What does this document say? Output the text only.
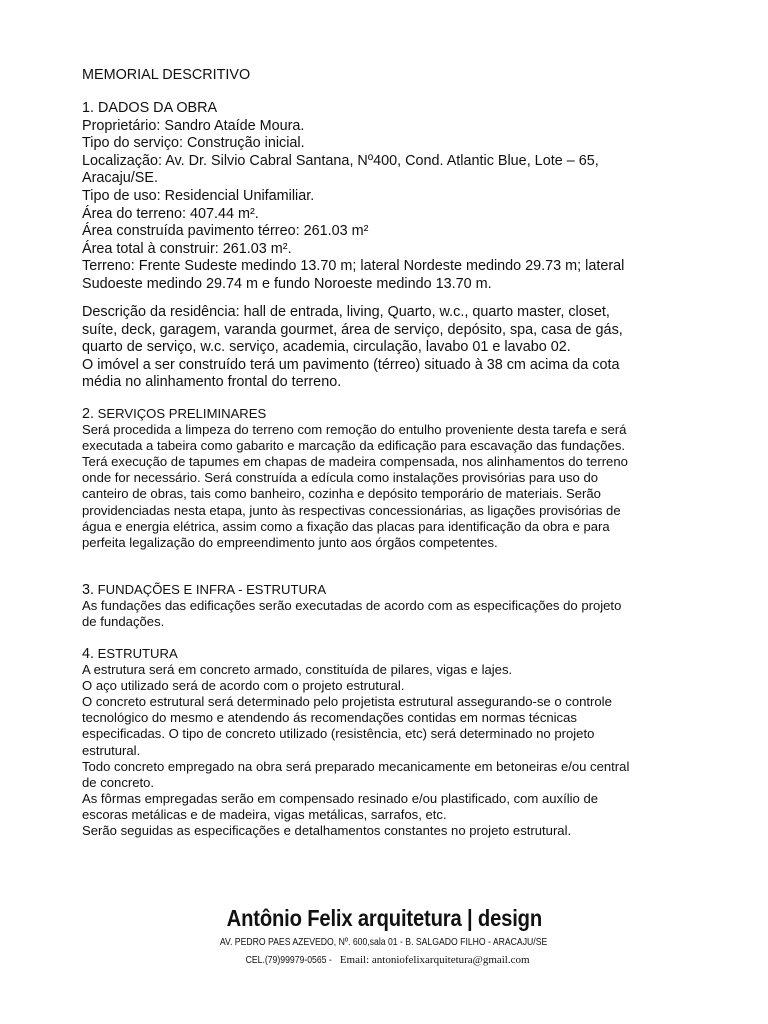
MEMORIAL DESCRITIVO

1. DADOS DA OBRA

Proprietário: Sandro Ataíde Moura.
Tipo do serviço: Construção inicial.
Localização: Av. Dr. Silvio Cabral Santana, Nº400, Cond. Atlantic Blue, Lote – 65,
Aracaju/SE.
Tipo de uso: Residencial Unifamiliar.
Área do terreno: 407.44 m².
Área construída pavimento térreo: 261.03 m²
Área total à construir: 261.03 m².
Terreno: Frente Sudeste medindo 13.70 m; lateral Nordeste medindo 29.73 m; lateral
Sudoeste medindo 29.74 m e fundo Noroeste medindo 13.70 m.

Descrição da residência: hall de entrada, living, Quarto, w.c., quarto master, closet,
suíte, deck, garagem, varanda gourmet, área de serviço, depósito, spa, casa de gás,
quarto de serviço, w.c. serviço, academia, circulação, lavabo 01 e lavabo 02.
O imóvel a ser construído terá um pavimento (térreo) situado à 38 cm acima da cota
média no alinhamento frontal do terreno.

2. SERVIÇOS PRELIMINARES

Será procedida a limpeza do terreno com remoção do entulho proveniente desta tarefa e será
executada a tabeira como gabarito e marcação da edificação para escavação das fundações.
Terá execução de tapumes em chapas de madeira compensada, nos alinhamentos do terreno
onde for necessário. Será construída a edícula como instalações provisórias para uso do
canteiro de obras, tais como banheiro, cozinha e depósito temporário de materiais. Serão
providenciadas nesta etapa, junto às respectivas concessionárias, as ligações provisórias de
água e energia elétrica, assim como a fixação das placas para identificação da obra e para
perfeita legalização do empreendimento junto aos órgãos competentes.

3. FUNDAÇÕES E INFRA - ESTRUTURA

As fundações das edificações serão executadas de acordo com as especificações do projeto
de fundações.

4. ESTRUTURA

A estrutura será em concreto armado, constituída de pilares, vigas e lajes.
O aço utilizado será de acordo com o projeto estrutural.
O concreto estrutural será determinado pelo projetista estrutural assegurando-se o controle
tecnológico do mesmo e atendendo ás recomendações contidas em normas técnicas
especificadas. O tipo de concreto utilizado (resistência, etc) será determinado no projeto
estrutural.
Todo concreto empregado na obra será preparado mecanicamente em betoneiras e/ou central
de concreto.
As fôrmas empregadas serão em compensado resinado e/ou plastificado, com auxílio de
escoras metálicas e de madeira, vigas metálicas, sarrafos, etc.
Serão seguidas as especificações e detalhamentos constantes no projeto estrutural.

Antônio Felix arquitetura | design
AV. PEDRO PAES AZEVEDO, Nº. 600,sala 01 - B. SALGADO FILHO - ARACAJU/SE
CEL.(79)99979-0565 -Email: antoniofelixarquitetura@gmail.com
